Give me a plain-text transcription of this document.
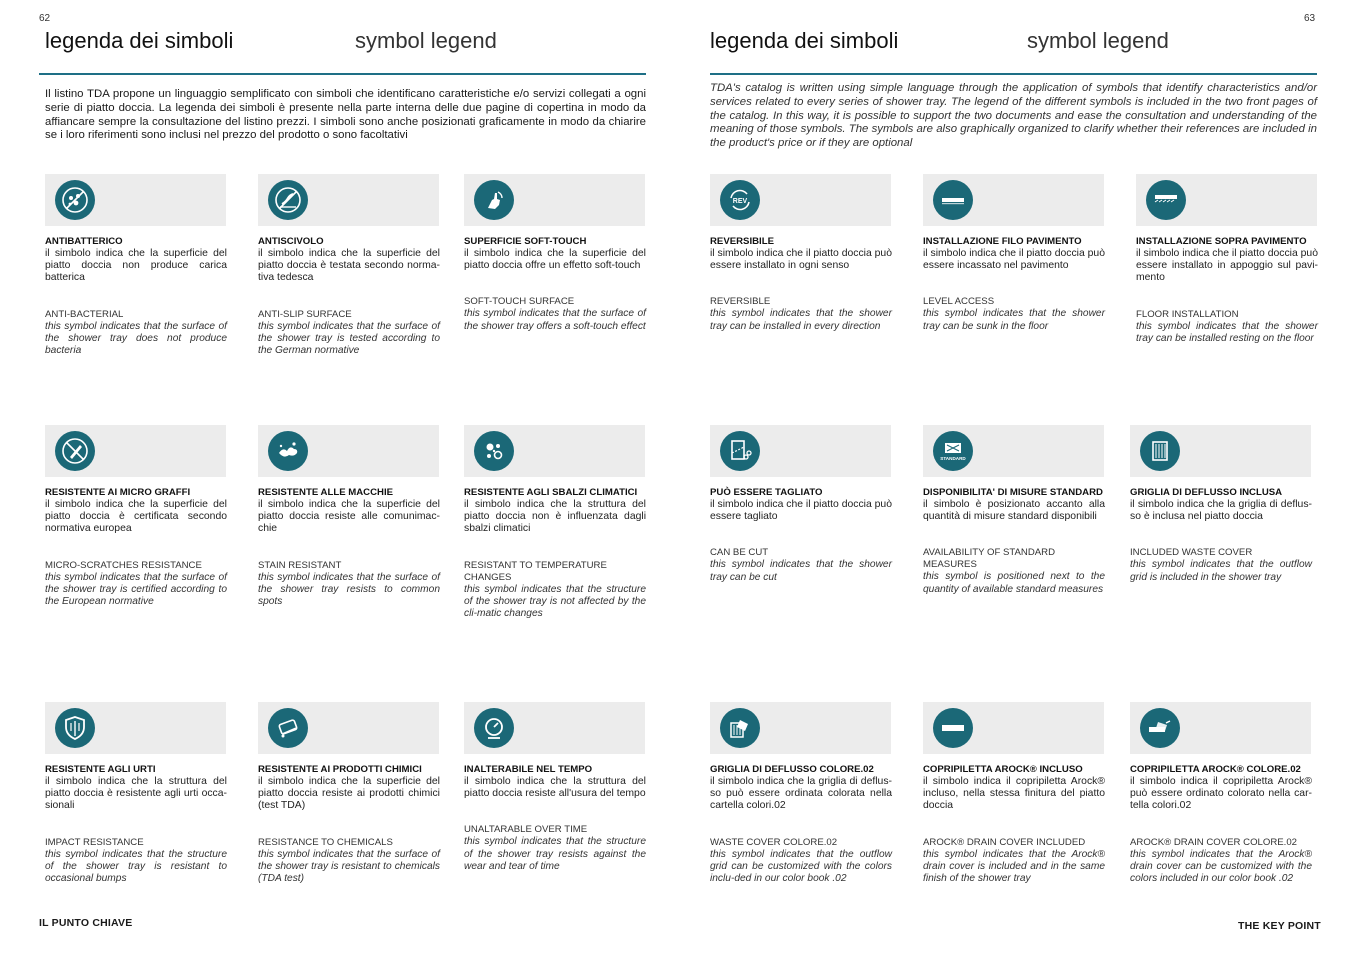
62
legenda dei simboli	symbol legend
Il listino TDA propone un linguaggio semplificato con simboli che identificano caratteristiche e/o servizi collegati a ogni serie di piatto doccia. La legenda dei simboli è presente nella parte interna delle due pagine di copertina in modo da affiancare sempre la consultazione del listino prezzi. I simboli sono anche posizionati graficamente in modo da chiarire se i loro riferimenti sono inclusi nel prezzo del prodotto o sono facoltativi
ANTIBATTERICO
il simbolo indica che la superficie del piatto doccia non produce carica batterica
ANTI-BACTERIAL
this symbol indicates that the surface of the shower tray does not produce bacteria
ANTISCIVOLO
il simbolo indica che la superficie del piatto doccia è testata secondo norma-tiva tedesca
ANTI-SLIP SURFACE
this symbol indicates that the surface of the shower tray is tested according to the German normative
SUPERFICIE SOFT-TOUCH
il simbolo indica che la superficie del piatto doccia offre un effetto soft-touch
SOFT-TOUCH SURFACE
this symbol indicates that the surface of the shower tray offers a soft-touch effect
RESISTENTE AI MICRO GRAFFI
il simbolo indica che la superficie del piatto doccia è certificata secondo normativa europea
MICRO-SCRATCHES RESISTANCE
this symbol indicates that the surface of the shower tray is certified according to the European normative
RESISTENTE ALLE MACCHIE
il simbolo indica che la superficie del piatto doccia resiste alle comunimac-chie
STAIN RESISTANT
this symbol indicates that the surface of the shower tray resists to common spots
RESISTENTE AGLI SBALZI CLIMATICI
il simbolo indica che la struttura del piatto doccia non è influenzata dagli sbalzi climatici
RESISTANT TO TEMPERATURE CHANGES
this symbol indicates that the structure of the shower tray is not affected by the cli-matic changes
RESISTENTE AGLI URTI
il simbolo indica che la struttura del piatto doccia è resistente agli urti occa-sionali
IMPACT RESISTANCE
this symbol indicates that the structure of the shower tray is resistant to occasional bumps
RESISTENTE AI PRODOTTI CHIMICI
il simbolo indica che la superficie del piatto doccia resiste ai prodotti chimici (test TDA)
RESISTANCE TO CHEMICALS
this symbol indicates that the surface of the shower tray is resistant to chemicals (TDA test)
INALTERABILE NEL TEMPO
il simbolo indica che la struttura del piatto doccia resiste all'usura del tempo
UNALTARABLE OVER TIME
this symbol indicates that the structure of the shower tray resists against the wear and tear of time
IL PUNTO CHIAVE
63
legenda dei simboli	symbol legend
TDA's catalog is written using simple language through the application of symbols that identify characteristics and/or services related to every series of shower tray. The legend of the different symbols is included in the two front pages of the catalog. In this way, it is possible to support the two documents and ease the consultation and understanding of the meaning of those symbols. The symbols are also graphically organized to clarify whether their references are included in the product's price or if they are optional
REV
REVERSIBILE
il simbolo indica che il piatto doccia può essere installato in ogni senso
REVERSIBLE
this symbol indicates that the shower tray can be installed in every direction
INSTALLAZIONE FILO PAVIMENTO
il simbolo indica che il piatto doccia può essere incassato nel pavimento
LEVEL ACCESS
this symbol indicates that the shower tray can be sunk in the floor
INSTALLAZIONE SOPRA PAVIMENTO
il simbolo indica che il piatto doccia può essere installato in appoggio sul pavi-mento
FLOOR INSTALLATION
this symbol indicates that the shower tray can be installed resting on the floor
PUÒ ESSERE TAGLIATO
il simbolo indica che il piatto doccia può essere tagliato
CAN BE CUT
this symbol indicates that the shower tray can be cut
STANDARD
DISPONIBILITA' DI MISURE STANDARD
il simbolo è posizionato accanto alla quantità di misure standard disponibili
AVAILABILITY OF STANDARD MEASURES
this symbol is positioned next to the quantity of available standard measures
GRIGLIA DI DEFLUSSO INCLUSA
il simbolo indica che la griglia di deflus-so è inclusa nel piatto doccia
INCLUDED WASTE COVER
this symbol indicates that the outflow grid is included in the shower tray
GRIGLIA DI DEFLUSSO COLORE.02
il simbolo indica che la griglia di deflus-so può essere ordinata colorata nella cartella colori.02
WASTE COVER COLORE.02
this symbol indicates that the outflow grid can be customized with the colors inclu-ded in our color book .02
COPRIPILETTA AROCK® INCLUSO
il simbolo indica il copripiletta Arock® incluso, nella stessa finitura del piatto doccia
AROCK® DRAIN COVER INCLUDED
this symbol indicates that the Arock® drain cover is included and in the same finish of the shower tray
COPRIPILETTA AROCK® COLORE.02
il simbolo indica il copripiletta Arock® può essere ordinato colorato nella car-tella colori.02
AROCK® DRAIN COVER COLORE.02
this symbol indicates that the Arock® drain cover can be customized with the colors included in our color book .02
THE KEY POINT
